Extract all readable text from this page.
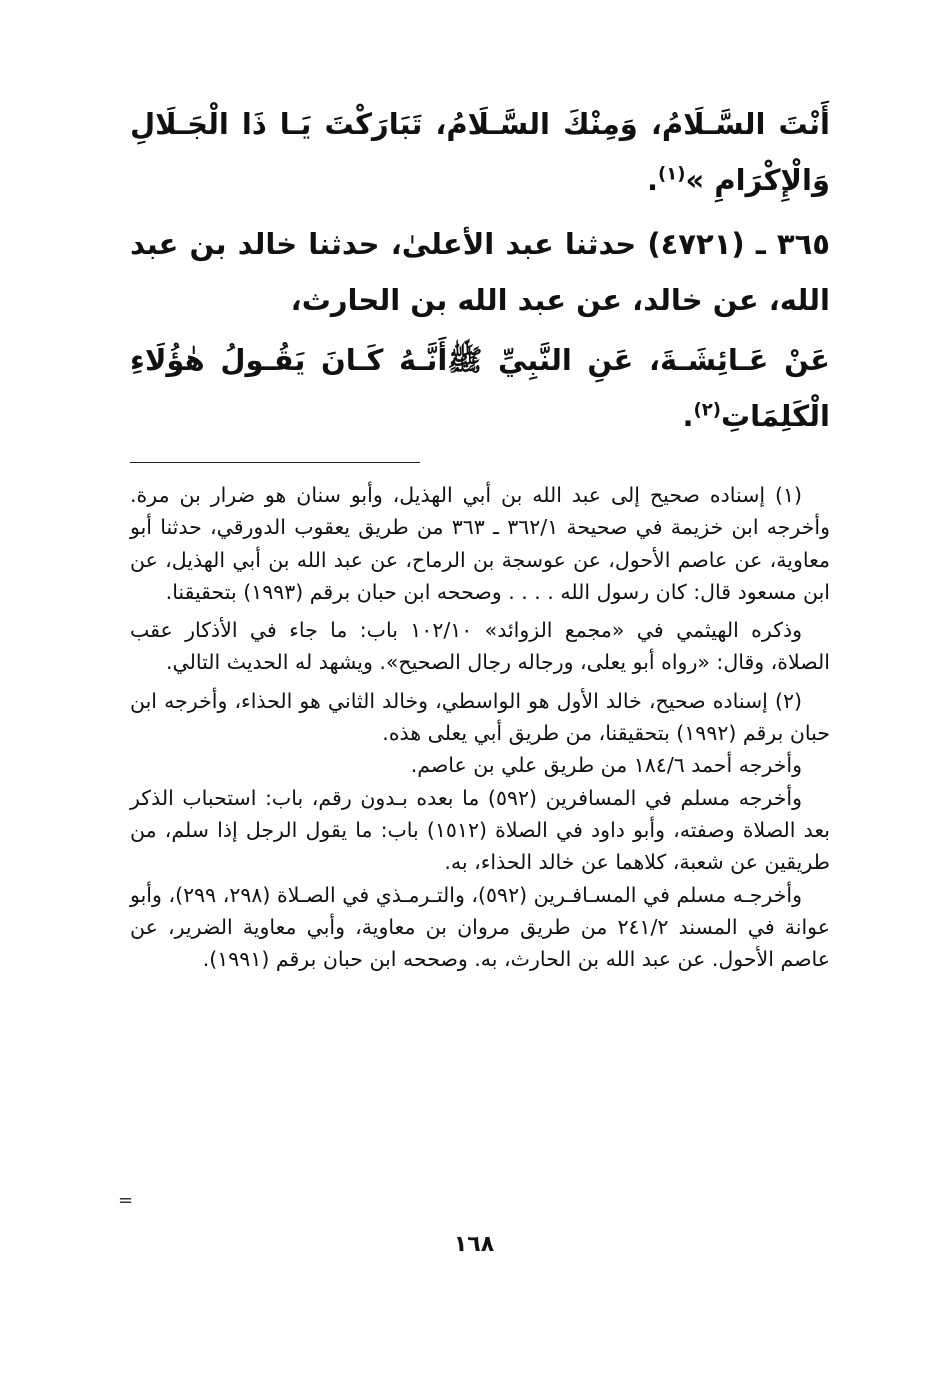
أَنْتَ السَّـلَامُ، وَمِنْكَ السَّـلَامُ، تَبَارَكْتَ يَـا ذَا الْجَـلَالِ وَالْإِكْرَامِ »$^{(١)}$.

٣٦٥ ـ (٤٧٢١) حدثنا عبد الأعلىٰ، حدثنا خالد بن عبد الله، عن خالد، عن عبد الله بن الحارث،

عَنْ عَـائِشَـةَ، عَنِ النَّبِيِّ ﷺأَنَّـهُ كَـانَ يَقُـولُ هٰؤُلَاءِ الْكَلِمَاتِ$^{(٢)}$.

(١) إسناده صحيح إلى عبد الله بن أبي الهذيل، وأبو سنان هو ضرار بن مرة. وأخرجه ابن خزيمة في صحيحة ٣٦٢/١ ـ ٣٦٣ من طريق يعقوب الدورقي، حدثنا أبو معاوية، عن عاصم الأحول، عن عوسجة بن الرماح، عن عبد الله بن أبي الهذيل، عن ابن مسعود قال: كان رسول الله . . . . وصححه ابن حبان برقم (١٩٩٣) بتحقيقنا.

وذكره الهيثمي في «مجمع الزوائد» ١٠٢/١٠ باب: ما جاء في الأذكار عقب الصلاة، وقال: «رواه أبو يعلى، ورجاله رجال الصحيح». ويشهد له الحديث التالي.

(٢) إسناده صحيح، خالد الأول هو الواسطي، وخالد الثاني هو الحذاء، وأخرجه ابن حبان برقم (١٩٩٢) بتحقيقنا، من طريق أبي يعلى هذه.

وأخرجه أحمد ١٨٤/٦ من طريق علي بن عاصم.

وأخرجه مسلم في المسافرين (٥٩٢) ما بعده بـدون رقم، باب: استحباب الذكر بعد الصلاة وصفته، وأبو داود في الصلاة (١٥١٢) باب: ما يقول الرجل إذا سلم، من طريقين عن شعبة، كلاهما عن خالد الحذاء، به.

وأخرجـه مسلم في المسـافـرين (٥٩٢)، والتـرمـذي في الصـلاة (٢٩٨، ٢٩٩)، وأبو عوانة في المسند ٢٤١/٢ من طريق مروان بن معاوية، وأبي معاوية الضرير، عن عاصم الأحول. عن عبد الله بن الحارث، به. وصححه ابن حبان برقم (١٩٩١).

=
١٦٨
